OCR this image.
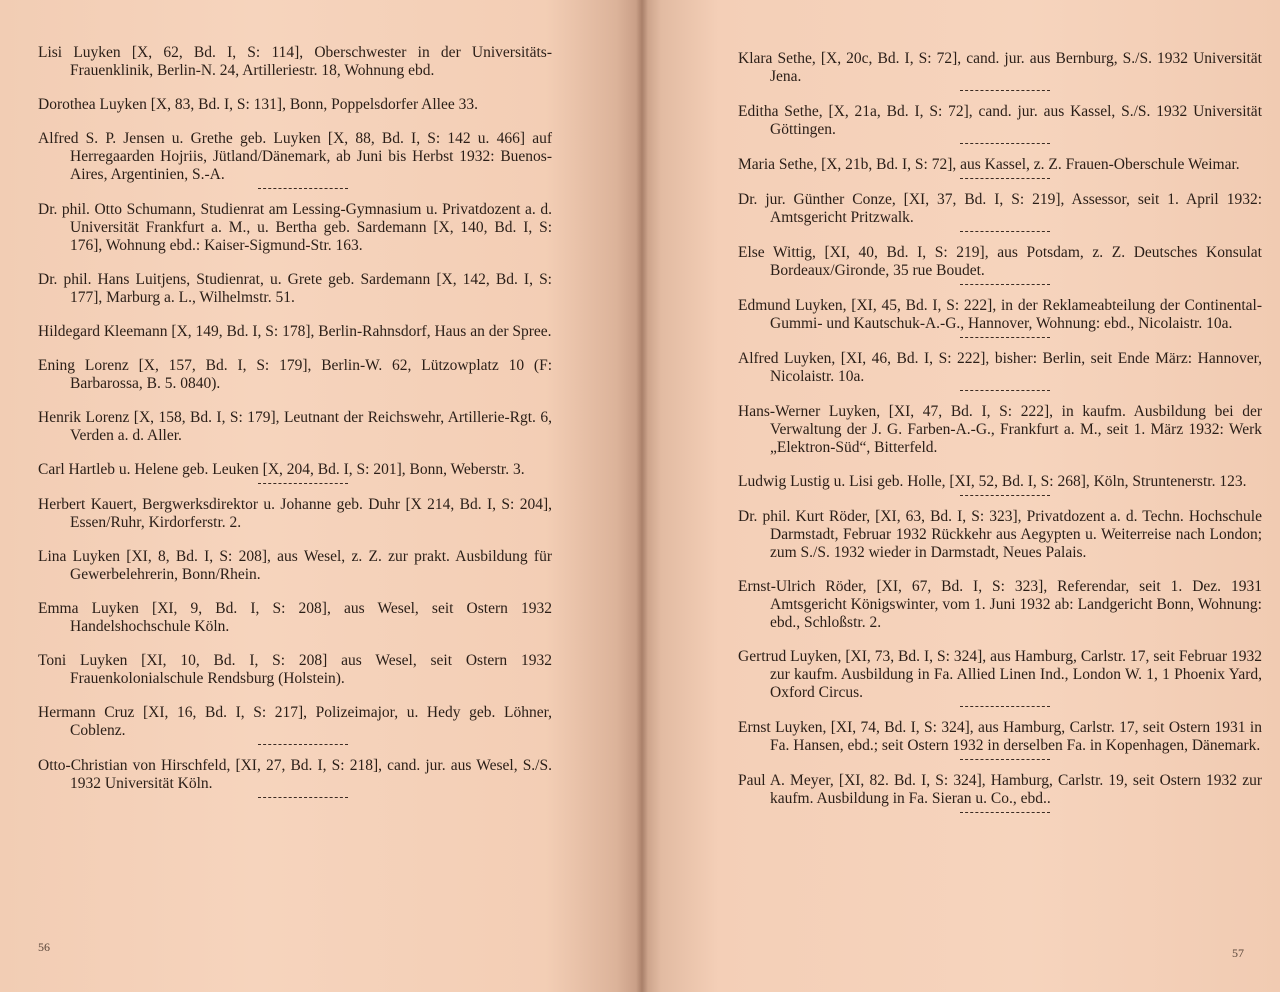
Lisi Luyken [X, 62, Bd. I, S: 114], Oberschwester in der Universitäts-Frauenklinik, Berlin-N. 24, Artilleriestr. 18, Wohnung ebd.

Dorothea Luyken [X, 83, Bd. I, S: 131], Bonn, Poppelsdorfer Allee 33.

Alfred S. P. Jensen u. Grethe geb. Luyken [X, 88, Bd. I, S: 142 u. 466] auf Herregaarden Hojriis, Jütland/Dänemark, ab Juni bis Herbst 1932: Buenos-Aires, Argentinien, S.-A.

Dr. phil. Otto Schumann, Studienrat am Lessing-Gymnasium u. Privatdozent a. d. Universität Frankfurt a. M., u. Bertha geb. Sardemann [X, 140, Bd. I, S: 176], Wohnung ebd.: Kaiser-Sigmund-Str. 163.

Dr. phil. Hans Luitjens, Studienrat, u. Grete geb. Sardemann [X, 142, Bd. I, S: 177], Marburg a. L., Wilhelmstr. 51.

Hildegard Kleemann [X, 149, Bd. I, S: 178], Berlin-Rahnsdorf, Haus an der Spree.

Ening Lorenz [X, 157, Bd. I, S: 179], Berlin-W. 62, Lützowplatz 10 (F: Barbarossa, B. 5. 0840).

Henrik Lorenz [X, 158, Bd. I, S: 179], Leutnant der Reichswehr, Artillerie-Rgt. 6, Verden a. d. Aller.

Carl Hartleb u. Helene geb. Leuken [X, 204, Bd. I, S: 201], Bonn, Weberstr. 3.

Herbert Kauert, Bergwerksdirektor u. Johanne geb. Duhr [X 214, Bd. I, S: 204], Essen/Ruhr, Kirdorferstr. 2.

Lina Luyken [XI, 8, Bd. I, S: 208], aus Wesel, z. Z. zur prakt. Ausbildung für Gewerbelehrerin, Bonn/Rhein.

Emma Luyken [XI, 9, Bd. I, S: 208], aus Wesel, seit Ostern 1932 Handelshochschule Köln.

Toni Luyken [XI, 10, Bd. I, S: 208] aus Wesel, seit Ostern 1932 Frauenkolonialschule Rendsburg (Holstein).

Hermann Cruz [XI, 16, Bd. I, S: 217], Polizeimajor, u. Hedy geb. Löhner, Coblenz.

Otto-Christian von Hirschfeld, [XI, 27, Bd. I, S: 218], cand. jur. aus Wesel, S./S. 1932 Universität Köln.

56

Klara Sethe, [X, 20c, Bd. I, S: 72], cand. jur. aus Bernburg, S./S. 1932 Universität Jena.

Editha Sethe, [X, 21a, Bd. I, S: 72], cand. jur. aus Kassel, S./S. 1932 Universität Göttingen.

Maria Sethe, [X, 21b, Bd. I, S: 72], aus Kassel, z. Z. Frauen-Oberschule Weimar.

Dr. jur. Günther Conze, [XI, 37, Bd. I, S: 219], Assessor, seit 1. April 1932: Amtsgericht Pritzwalk.

Else Wittig, [XI, 40, Bd. I, S: 219], aus Potsdam, z. Z. Deutsches Konsulat Bordeaux/Gironde, 35 rue Boudet.

Edmund Luyken, [XI, 45, Bd. I, S: 222], in der Reklameabteilung der Continental-Gummi- und Kautschuk-A.-G., Hannover, Wohnung: ebd., Nicolaistr. 10a.

Alfred Luyken, [XI, 46, Bd. I, S: 222], bisher: Berlin, seit Ende März: Hannover, Nicolaistr. 10a.

Hans-Werner Luyken, [XI, 47, Bd. I, S: 222], in kaufm. Ausbildung bei der Verwaltung der J. G. Farben-A.-G., Frankfurt a. M., seit 1. März 1932: Werk „Elektron-Süd“, Bitterfeld.

Ludwig Lustig u. Lisi geb. Holle, [XI, 52, Bd. I, S: 268], Köln, Struntenerstr. 123.

Dr. phil. Kurt Röder, [XI, 63, Bd. I, S: 323], Privatdozent a. d. Techn. Hochschule Darmstadt, Februar 1932 Rückkehr aus Aegypten u. Weiterreise nach London; zum S./S. 1932 wieder in Darmstadt, Neues Palais.

Ernst-Ulrich Röder, [XI, 67, Bd. I, S: 323], Referendar, seit 1. Dez. 1931 Amtsgericht Königswinter, vom 1. Juni 1932 ab: Landgericht Bonn, Wohnung: ebd., Schloßstr. 2.

Gertrud Luyken, [XI, 73, Bd. I, S: 324], aus Hamburg, Carlstr. 17, seit Februar 1932 zur kaufm. Ausbildung in Fa. Allied Linen Ind., London W. 1, 1 Phoenix Yard, Oxford Circus.

Ernst Luyken, [XI, 74, Bd. I, S: 324], aus Hamburg, Carlstr. 17, seit Ostern 1931 in Fa. Hansen, ebd.; seit Ostern 1932 in derselben Fa. in Kopenhagen, Dänemark.

Paul A. Meyer, [XI, 82. Bd. I, S: 324], Hamburg, Carlstr. 19, seit Ostern 1932 zur kaufm. Ausbildung in Fa. Sieran u. Co., ebd..

57
